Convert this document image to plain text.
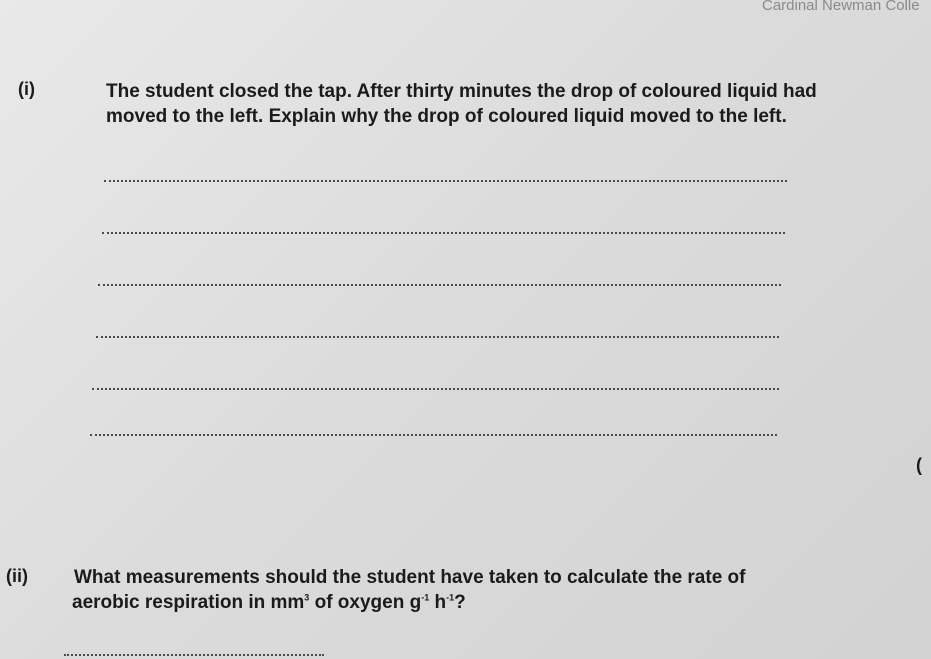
Cardinal Newman Colle
(i)	The student closed the tap. After thirty minutes the drop of coloured liquid had
moved to the left. Explain why the drop of coloured liquid moved to the left.
(
(ii) What measurements should the student have taken to calculate the rate of
aerobic respiration in $mm^3$ of oxygen $g^{-1}$ $h^{-1}$?
